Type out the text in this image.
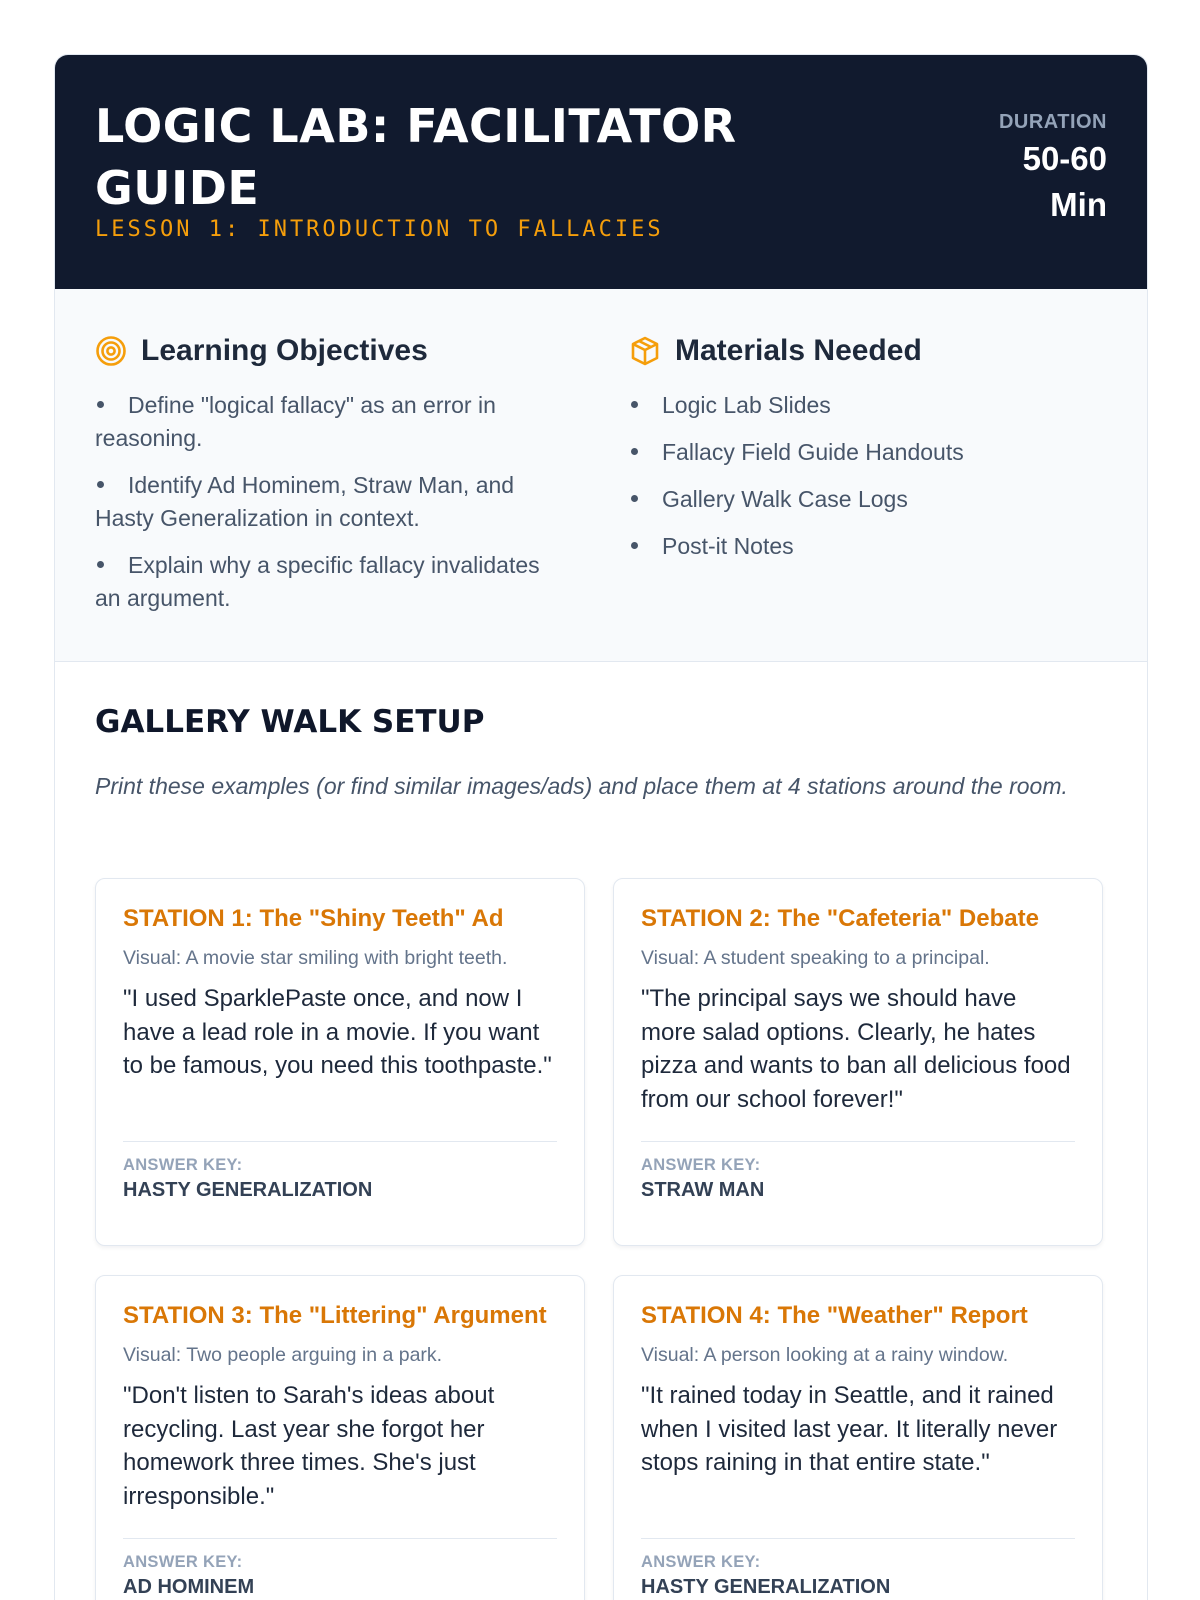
LOGIC LAB: FACILITATOR GUIDE
LESSON 1: INTRODUCTION TO FALLACIES
DURATION
50-60 Min
Learning Objectives
Define "logical fallacy" as an error in reasoning.
Identify Ad Hominem, Straw Man, and Hasty Generalization in context.
Explain why a specific fallacy invalidates an argument.
Materials Needed
Logic Lab Slides
Fallacy Field Guide Handouts
Gallery Walk Case Logs
Post-it Notes
GALLERY WALK SETUP

Print these examples (or find similar images/ads) and place them at 4 stations around the room.

STATION 1: The "Shiny Teeth" Ad
Visual: A movie star smiling with bright teeth.

"I used SparklePaste once, and now I have a lead role in a movie. If you want to be famous, you need this toothpaste."

ANSWER KEY:
HASTY GENERALIZATION
STATION 2: The "Cafeteria" Debate
Visual: A student speaking to a principal.

"The principal says we should have more salad options. Clearly, he hates pizza and wants to ban all delicious food from our school forever!"

ANSWER KEY:
STRAW MAN
STATION 3: The "Littering" Argument
Visual: Two people arguing in a park.

"Don't listen to Sarah's ideas about recycling. Last year she forgot her homework three times. She's just irresponsible."

ANSWER KEY:
AD HOMINEM
STATION 4: The "Weather" Report
Visual: A person looking at a rainy window.

"It rained today in Seattle, and it rained when I visited last year. It literally never stops raining in that entire state."

ANSWER KEY:
HASTY GENERALIZATION
